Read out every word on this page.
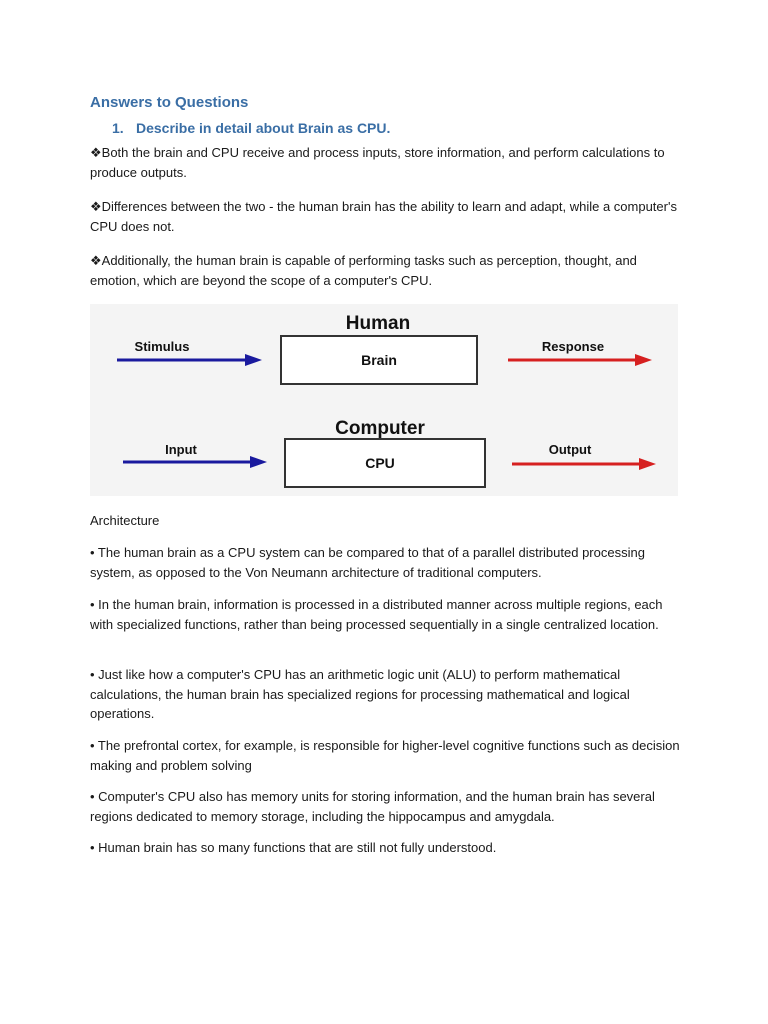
Answers to Questions
1. Describe in detail about Brain as CPU.
❖Both the brain and CPU receive and process inputs, store information, and perform calculations to produce outputs.
❖Differences between the two - the human brain has the ability to learn and adapt, while a computer's CPU does not.
❖Additionally, the human brain is capable of performing tasks such as perception, thought, and emotion, which are beyond the scope of a computer's CPU.
Human
Brain
Stimulus	Response
Computer
CPU
Input	Output
Architecture
• The human brain as a CPU system can be compared to that of a parallel distributed processing system, as opposed to the Von Neumann architecture of traditional computers.
• In the human brain, information is processed in a distributed manner across multiple regions, each with specialized functions, rather than being processed sequentially in a single centralized location.
• Just like how a computer's CPU has an arithmetic logic unit (ALU) to perform mathematical calculations, the human brain has specialized regions for processing mathematical and logical operations.
• The prefrontal cortex, for example, is responsible for higher-level cognitive functions such as decision making and problem solving
• Computer's CPU also has memory units for storing information, and the human brain has several regions dedicated to memory storage, including the hippocampus and amygdala.
• Human brain has so many functions that are still not fully understood.
